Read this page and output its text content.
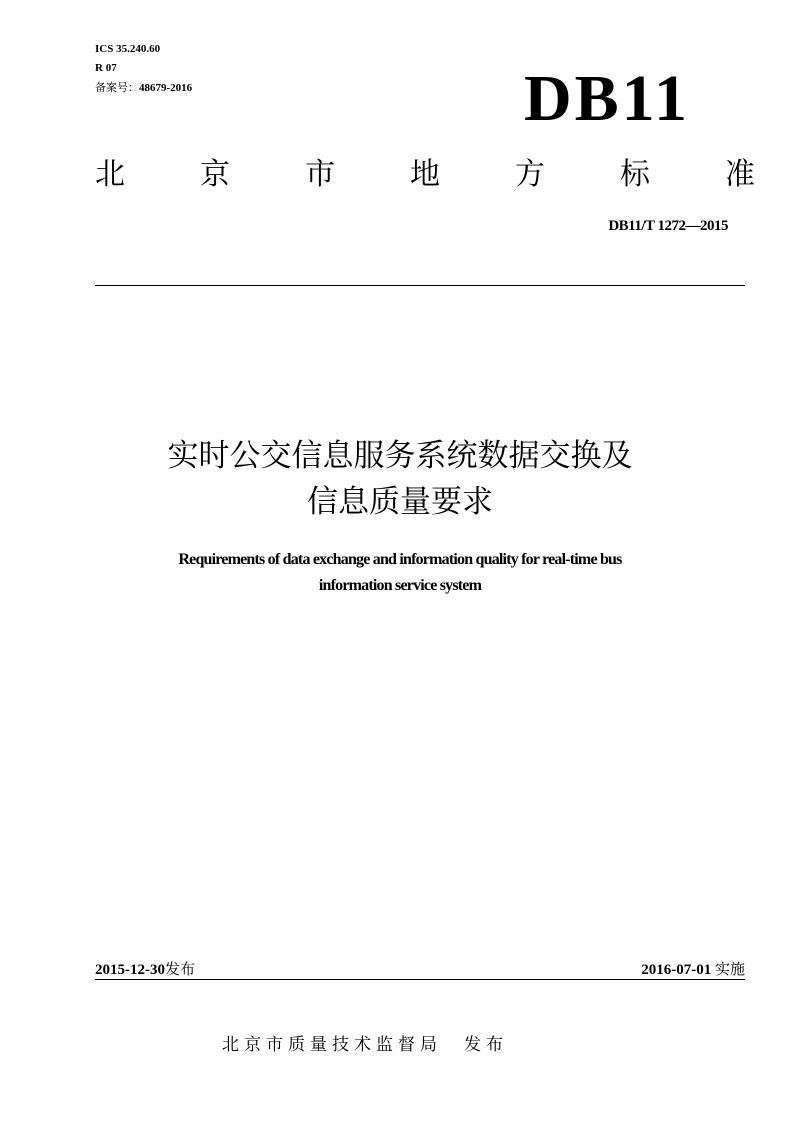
ICS 35.240.60
R 07
备案号：48679-2016	DB11
北	京	市	地	方	标	准
DB11/T 1272—2015
实时公交信息服务系统数据交换及
信息质量要求
Requirements of data exchange and information quality for real-time bus
information service system
2015-12-30发布	2016-07-01 实施
北京市质量技术监督局 发布
